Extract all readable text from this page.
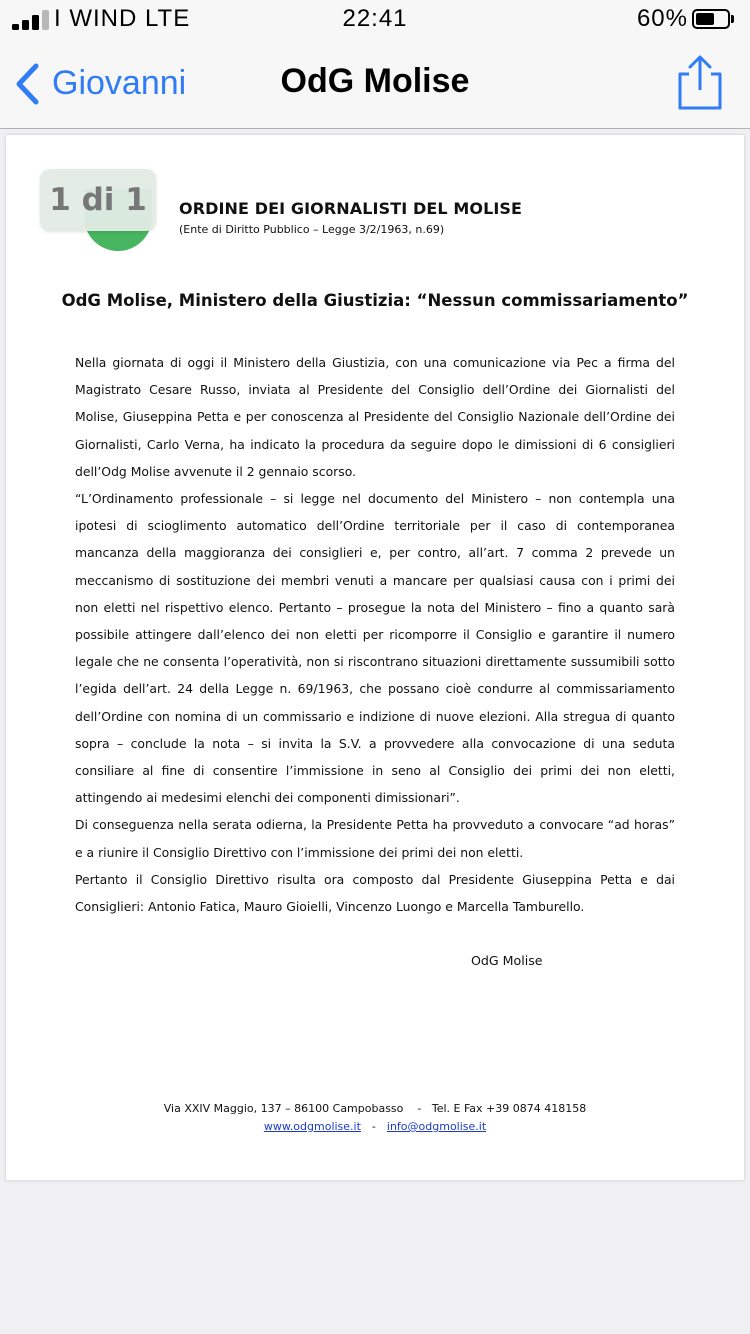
I WIND LTE	22:41	60%
Giovanni	OdG Molise
1 di 1	ORDINE DEI GIORNALISTI DEL MOLISE
(Ente di Diritto Pubblico – Legge 3/2/1963, n.69)
OdG Molise, Ministero della Giustizia: “Nessun commissariamento”

Nella giornata di oggi il Ministero della Giustizia, con una comunicazione via Pec a firma del Magistrato Cesare Russo, inviata al Presidente del Consiglio dell’Ordine dei Giornalisti del Molise, Giuseppina Petta e per conoscenza al Presidente del Consiglio Nazionale dell’Ordine dei Giornalisti, Carlo Verna, ha indicato la procedura da seguire dopo le dimissioni di 6 consiglieri dell’Odg Molise avvenute il 2 gennaio scorso.

“L’Ordinamento professionale – si legge nel documento del Ministero – non contempla una ipotesi di scioglimento automatico dell’Ordine territoriale per il caso di contemporanea mancanza della maggioranza dei consiglieri e, per contro, all’art. 7 comma 2 prevede un meccanismo di sostituzione dei membri venuti a mancare per qualsiasi causa con i primi dei non eletti nel rispettivo elenco. Pertanto – prosegue la nota del Ministero – fino a quanto sarà possibile attingere dall’elenco dei non eletti per ricomporre il Consiglio e garantire il numero legale che ne consenta l’operatività, non si riscontrano situazioni direttamente sussumibili sotto l’egida dell’art. 24 della Legge n. 69/1963, che possano cioè condurre al commissariamento dell’Ordine con nomina di un commissario e indizione di nuove elezioni. Alla stregua di quanto sopra – conclude la nota – si invita la S.V. a provvedere alla convocazione di una seduta consiliare al fine di consentire l’immissione in seno al Consiglio dei primi dei non eletti, attingendo ai medesimi elenchi dei componenti dimissionari”.

Di conseguenza nella serata odierna, la Presidente Petta ha provveduto a convocare “ad horas” e a riunire il Consiglio Direttivo con l’immissione dei primi dei non eletti.

Pertanto il Consiglio Direttivo risulta ora composto dal Presidente Giuseppina Petta e dai Consiglieri: Antonio Fatica, Mauro Gioielli, Vincenzo Luongo e Marcella Tamburello.

OdG Molise
Via XXIV Maggio, 137 – 86100 Campobasso    -   Tel. E Fax +39 0874 418158
www.odgmolise.it - info@odgmolise.it
